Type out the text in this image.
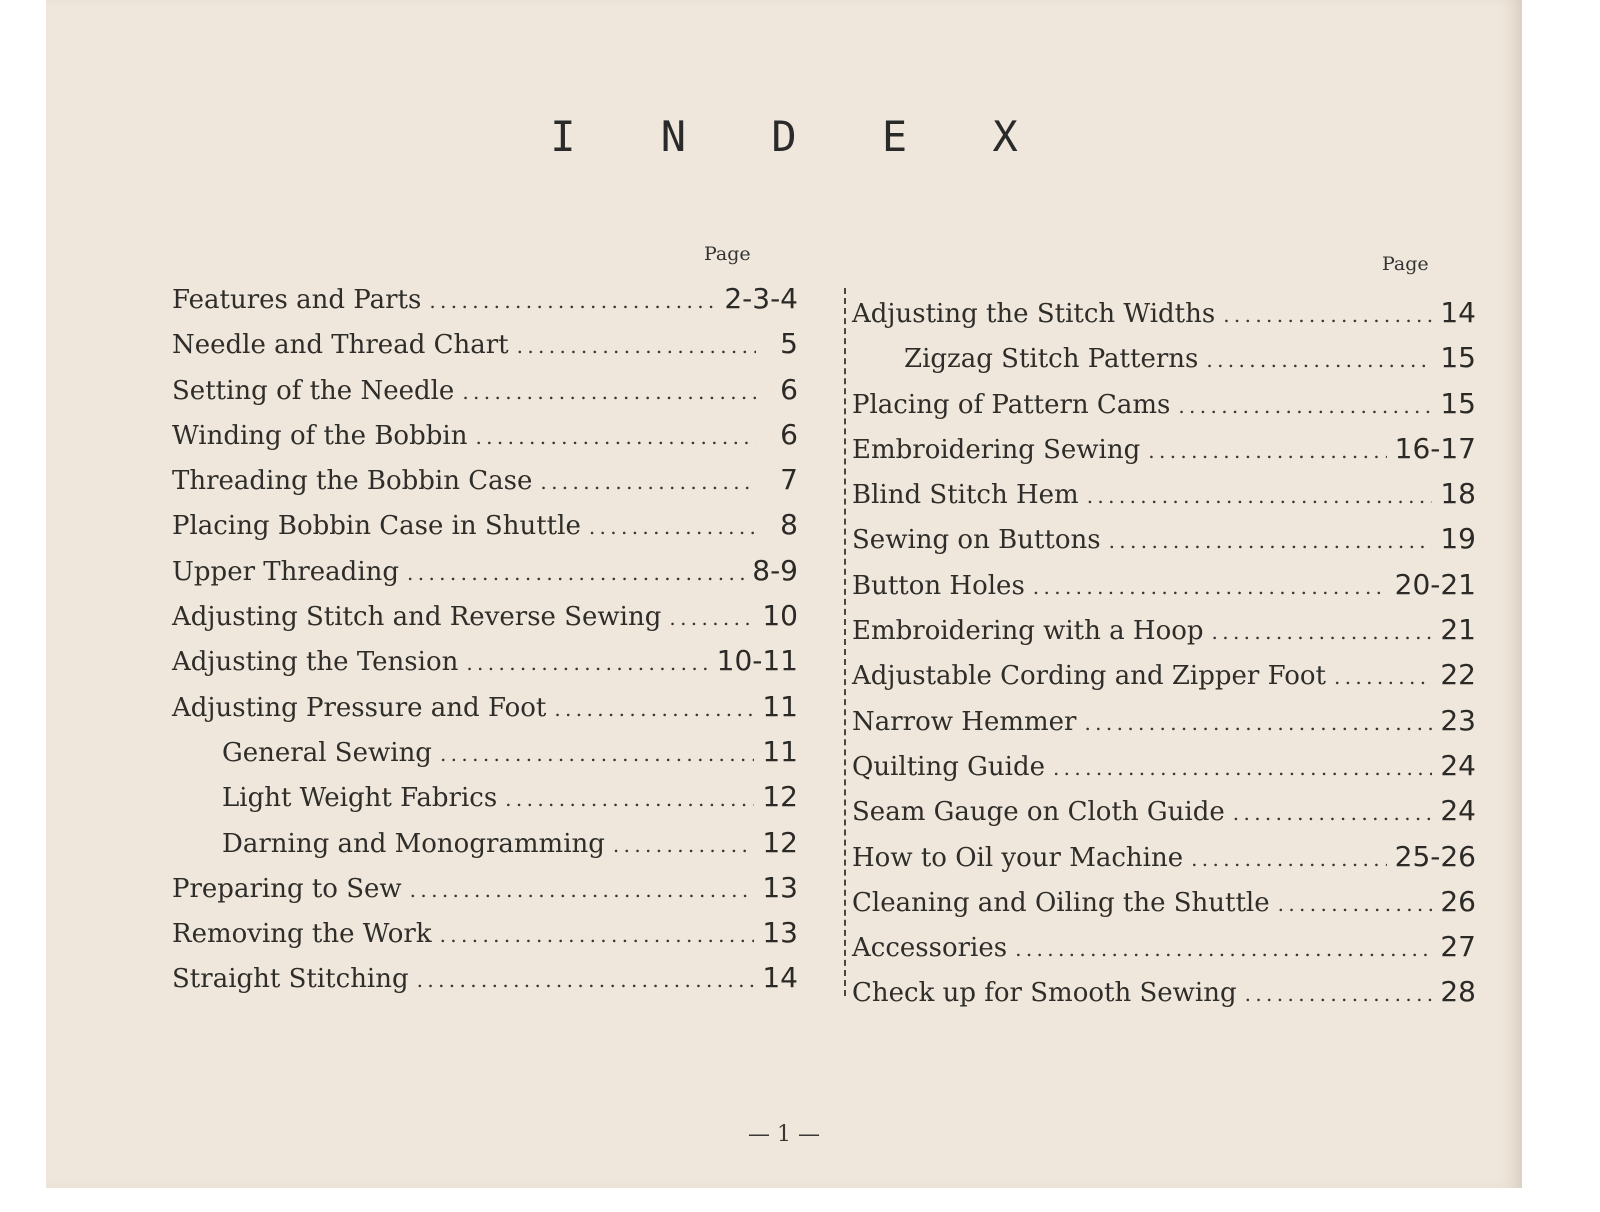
I N D E X
Page	Page
Features and Parts . . .	2-3-4
Needle and Thread Chart . . .	5
Setting of the Needle . . .	6
Winding of the Bobbin . . .	6
Threading the Bobbin Case . . .	7
Placing Bobbin Case in Shuttle . . .	8
Upper Threading . . .	8-9
Adjusting Stitch and Reverse Sewing . . .	10
Adjusting the Tension . . .	10-11
Adjusting Pressure and Foot . . .	11
General Sewing . . .	11
Light Weight Fabrics . . .	12
Darning and Monogramming . . .	12
Preparing to Sew . . .	13
Removing the Work . . .	13
Straight Stitching . . .	14
Adjusting the Stitch Widths . . .	14
Zigzag Stitch Patterns . . .	15
Placing of Pattern Cams . . .	15
Embroidering Sewing . . .	16-17
Blind Stitch Hem . . .	18
Sewing on Buttons . . .	19
Button Holes . . .	20-21
Embroidering with a Hoop . . .	21
Adjustable Cording and Zipper Foot . . .	22
Narrow Hemmer . . .	23
Quilting Guide . . .	24
Seam Gauge on Cloth Guide . . .	24
How to Oil your Machine . . .	25-26
Cleaning and Oiling the Shuttle . . .	26
Accessories . . .	27
Check up for Smooth Sewing . . .	28
— 1 —
